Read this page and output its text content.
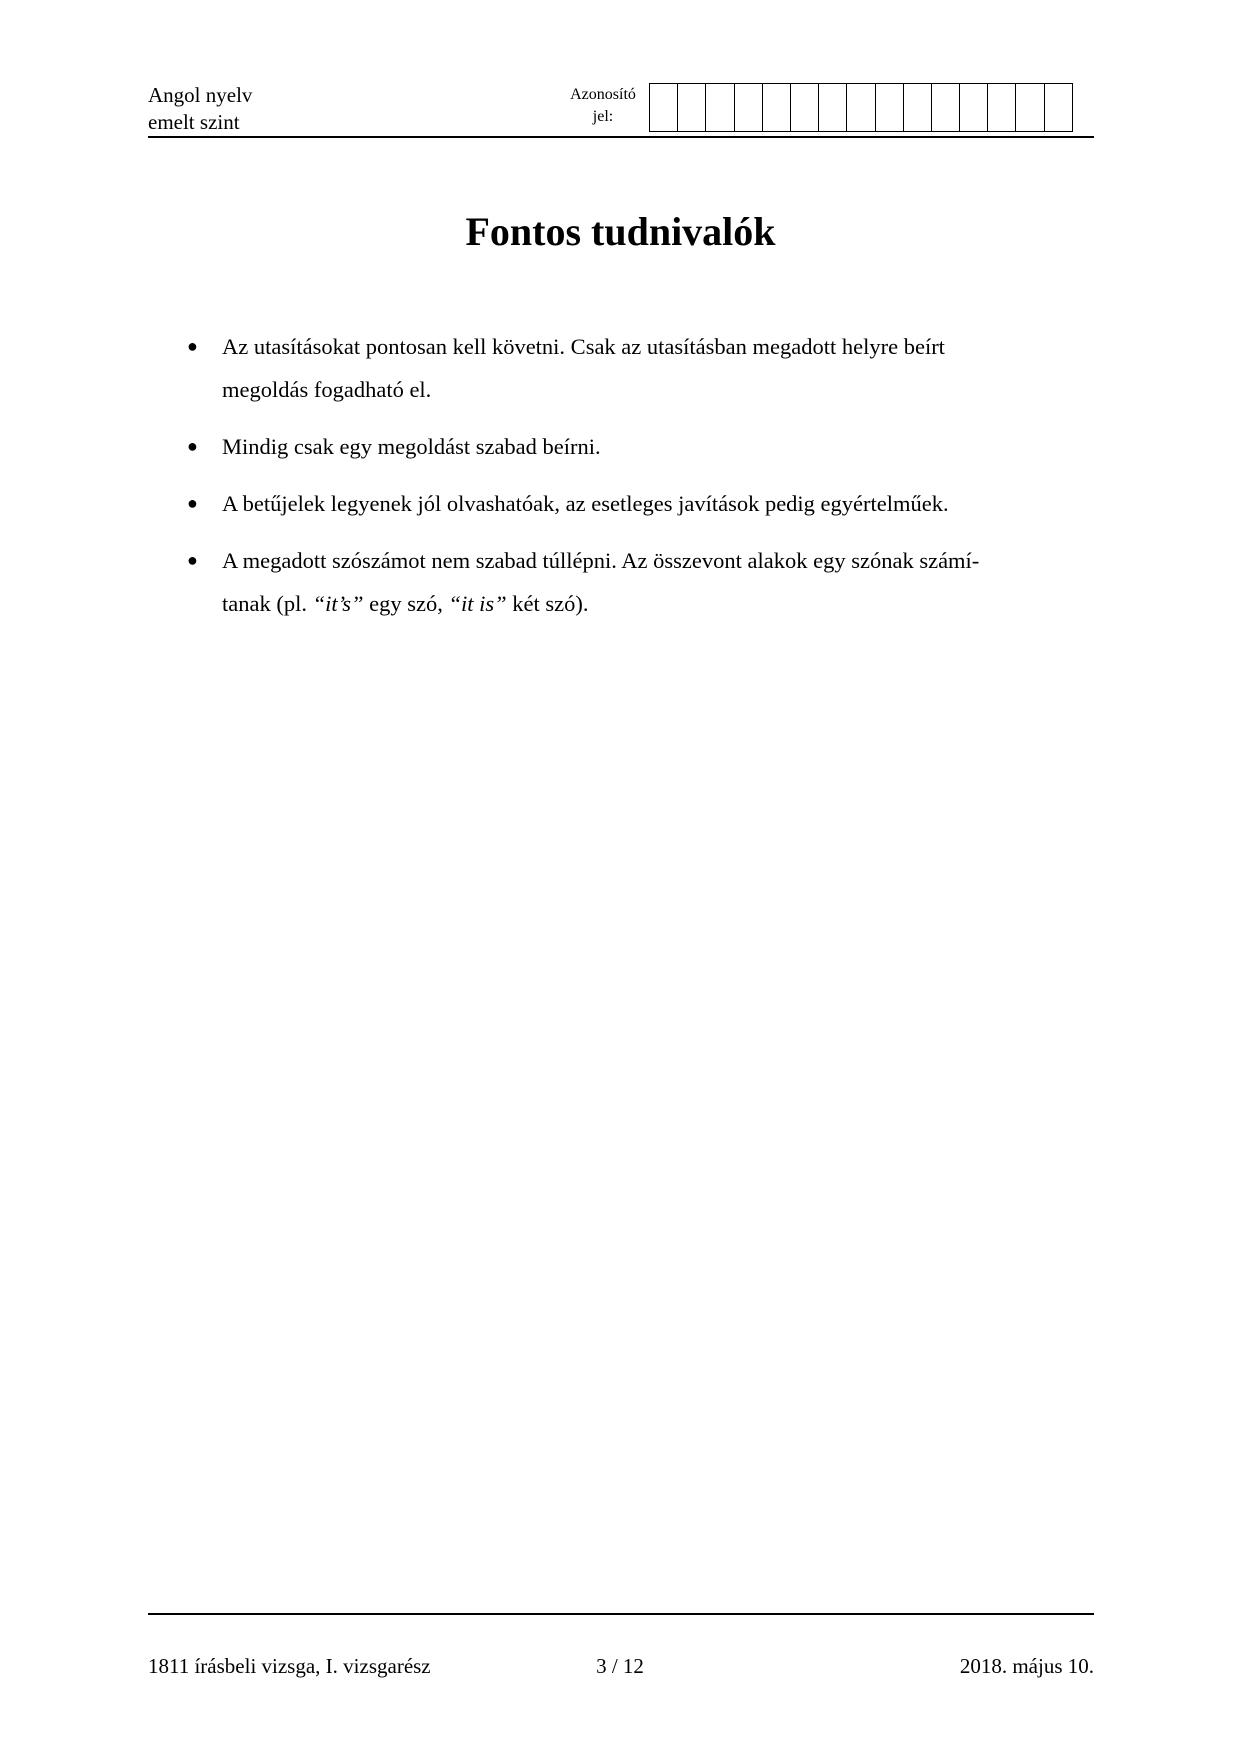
Angol nyelv
emelt szint
Azonosító
jel:
Fontos tudnivalók
● Az utasításokat pontosan kell követni. Csak az utasításban megadott helyre beírt
megoldás fogadható el.
● Mindig csak egy megoldást szabad beírni.
● A betűjelek legyenek jól olvashatóak, az esetleges javítások pedig egyértelműek.
● A megadott szószámot nem szabad túllépni. Az összevont alakok egy szónak számí-
tanak (pl. “it’s” egy szó, “it is” két szó).
1811 írásbeli vizsga, I. vizsgarész	3 / 12	2018. május 10.
